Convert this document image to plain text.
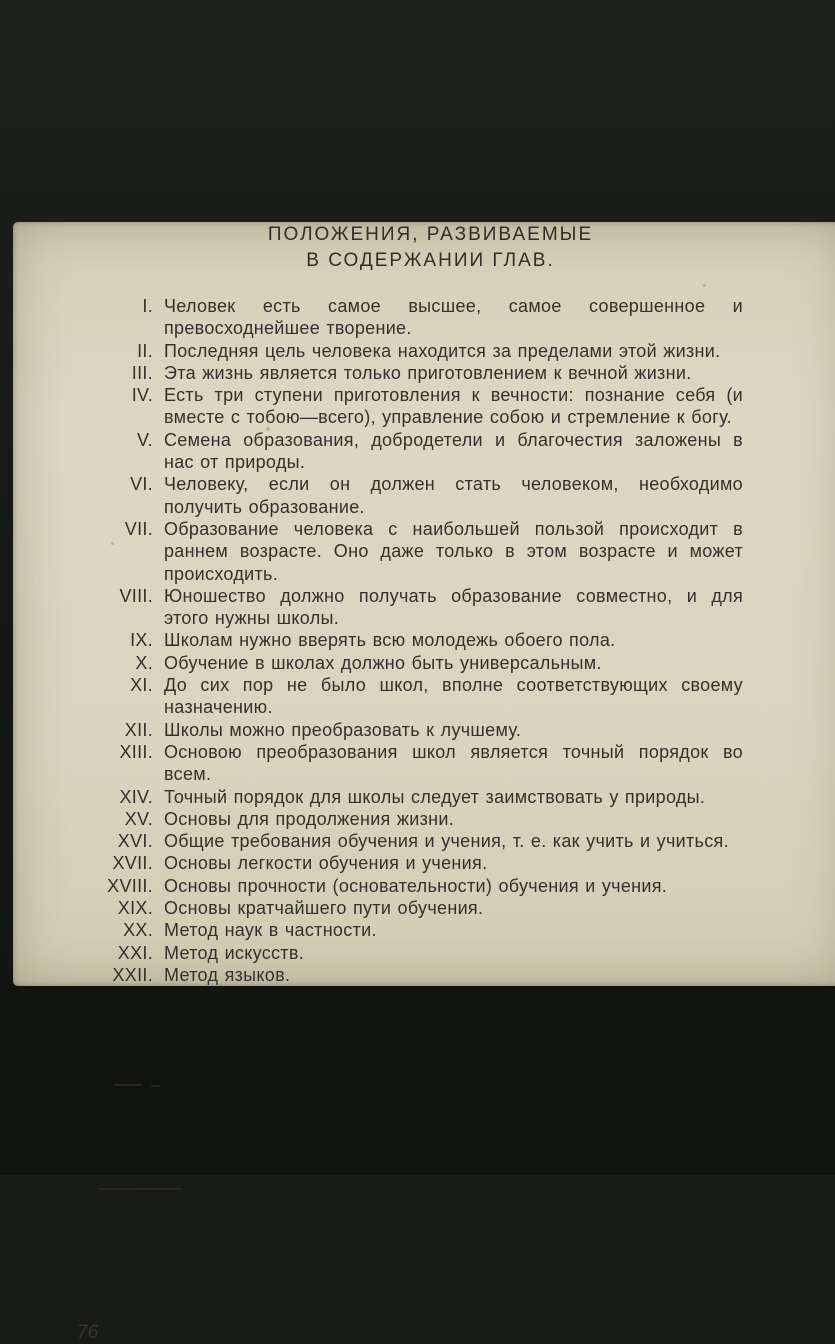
ПОЛОЖЕНИЯ, РАЗВИВАЕМЫЕ
В СОДЕРЖАНИИ ГЛАВ.
I. Человек есть самое высшее, самое совершенное и превосходнейшее творение.
II. Последняя цель человека находится за пределами этой жизни.
III. Эта жизнь является только приготовлением к вечной жизни.
IV. Есть три ступени приготовления к вечности: познание себя (и вместе с тобою—всего), управление собою и стремление к богу.
V. Семена образования, добродетели и благочестия заложены в нас от природы.
VI. Человеку, если он должен стать человеком, необходимо получить образование.
VII. Образование человека с наибольшей пользой происходит в раннем возрасте. Оно даже только в этом возрасте и может происходить.
VIII. Юношество должно получать образование совместно, и для этого нужны школы.
IX. Школам нужно вверять всю молодежь обоего пола.
X. Обучение в школах должно быть универсальным.
XI. До сих пор не было школ, вполне соответствующих своему назначению.
XII. Школы можно преобразовать к лучшему.
XIII. Основою преобразования школ является точный порядок во всем.
XIV. Точный порядок для школы следует заимствовать у природы.
XV. Основы для продолжения жизни.
XVI. Общие требования обучения и учения, т. е. как учить и учиться.
XVII. Основы легкости обучения и учения.
XVIII. Основы прочности (основательности) обучения и учения.
XIX. Основы кратчайшего пути обучения.
XX. Метод наук в частности.
XXI. Метод искусств.
XXII. Метод языков.
76
